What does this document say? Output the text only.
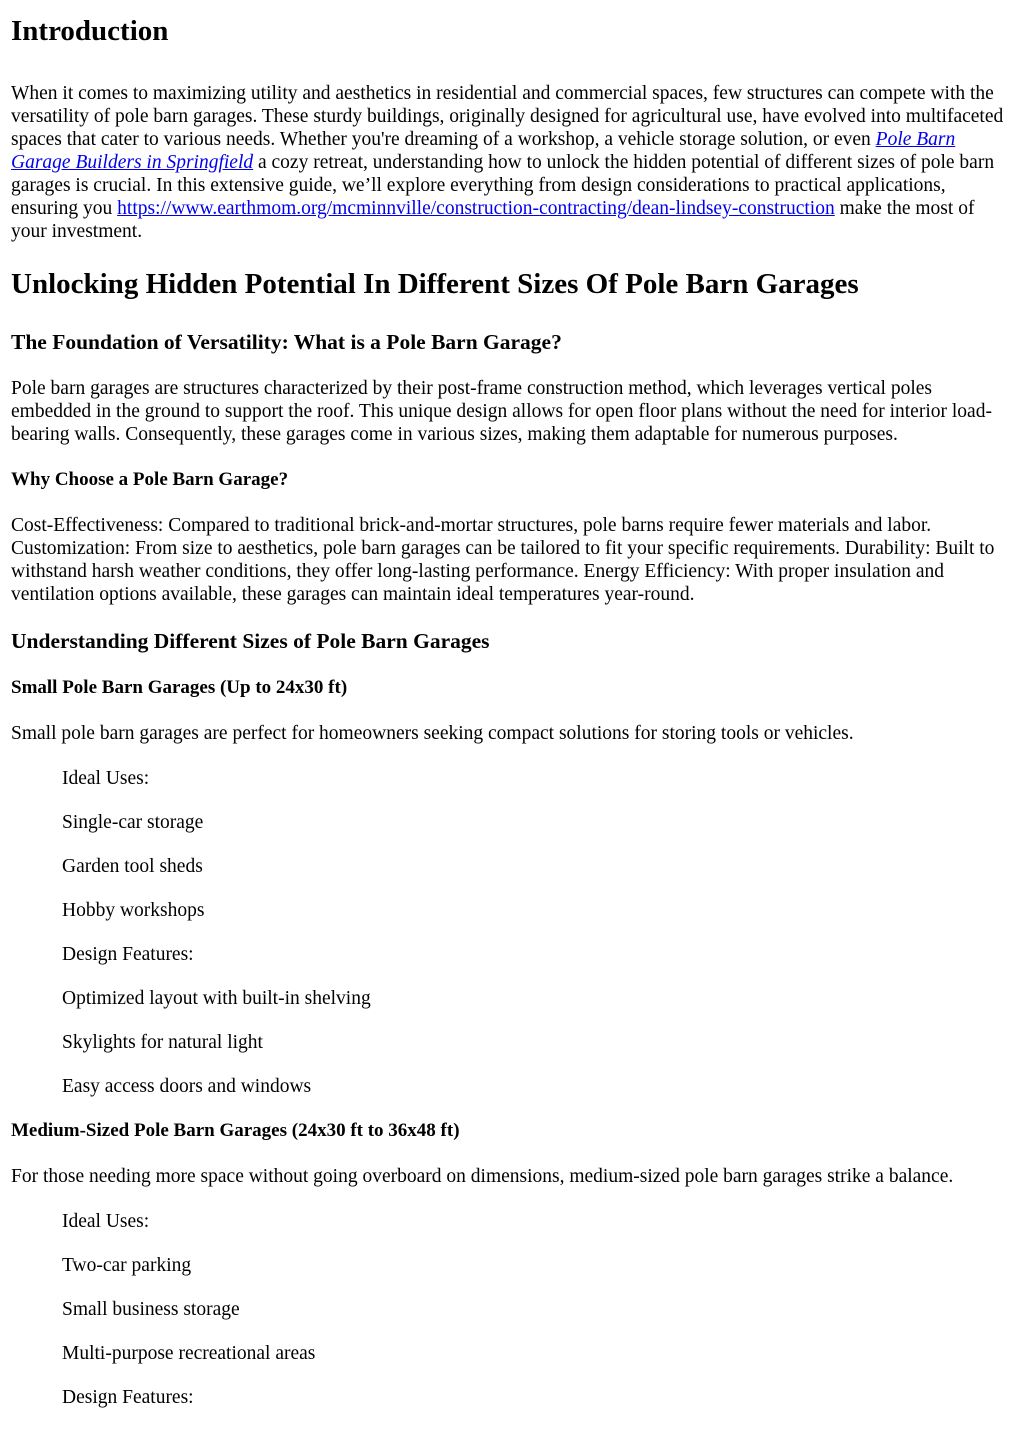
Introduction

When it comes to maximizing utility and aesthetics in residential and commercial spaces, few structures can compete with the versatility of pole barn garages. These sturdy buildings, originally designed for agricultural use, have evolved into multifaceted spaces that cater to various needs. Whether you're dreaming of a workshop, a vehicle storage solution, or even Pole Barn Garage Builders in Springfield a cozy retreat, understanding how to unlock the hidden potential of different sizes of pole barn garages is crucial. In this extensive guide, we’ll explore everything from design considerations to practical applications, ensuring you https://www.earthmom.org/mcminnville/construction-contracting/dean-lindsey-construction make the most of your investment.

Unlocking Hidden Potential In Different Sizes Of Pole Barn Garages
The Foundation of Versatility: What is a Pole Barn Garage?

Pole barn garages are structures characterized by their post-frame construction method, which leverages vertical poles embedded in the ground to support the roof. This unique design allows for open floor plans without the need for interior load-bearing walls. Consequently, these garages come in various sizes, making them adaptable for numerous purposes.

Why Choose a Pole Barn Garage?

Cost-Effectiveness: Compared to traditional brick-and-mortar structures, pole barns require fewer materials and labor. Customization: From size to aesthetics, pole barn garages can be tailored to fit your specific requirements. Durability: Built to withstand harsh weather conditions, they offer long-lasting performance. Energy Efficiency: With proper insulation and ventilation options available, these garages can maintain ideal temperatures year-round.

Understanding Different Sizes of Pole Barn Garages
Small Pole Barn Garages (Up to 24x30 ft)

Small pole barn garages are perfect for homeowners seeking compact solutions for storing tools or vehicles.

Ideal Uses:
Single-car storage
Garden tool sheds
Hobby workshops
Design Features:
Optimized layout with built-in shelving
Skylights for natural light
Easy access doors and windows
Medium-Sized Pole Barn Garages (24x30 ft to 36x48 ft)

For those needing more space without going overboard on dimensions, medium-sized pole barn garages strike a balance.

Ideal Uses:
Two-car parking
Small business storage
Multi-purpose recreational areas
Design Features:
